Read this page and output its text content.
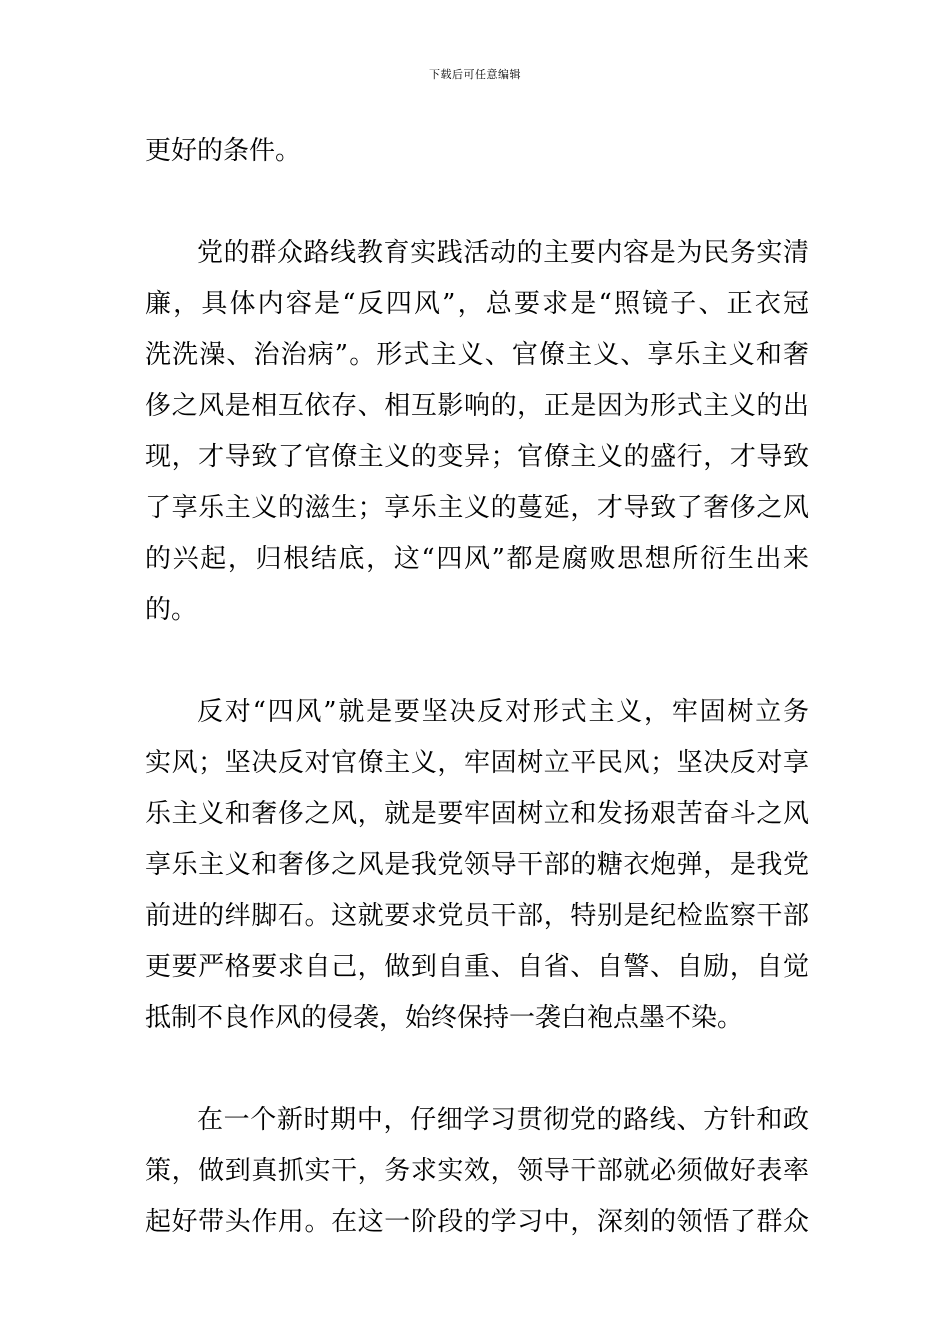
下载后可任意编辑
更好的条件。
党的群众路线教育实践活动的主要内容是为民务实清
廉，具体内容是“反四风”，总要求是“照镜子、正衣冠
洗洗澡、治治病”。形式主义、官僚主义、享乐主义和奢
侈之风是相互依存、相互影响的，正是因为形式主义的出
现，才导致了官僚主义的变异；官僚主义的盛行，才导致
了享乐主义的滋生；享乐主义的蔓延，才导致了奢侈之风
的兴起，归根结底，这“四风”都是腐败思想所衍生出来
的。
反对“四风”就是要坚决反对形式主义，牢固树立务
实风；坚决反对官僚主义，牢固树立平民风；坚决反对享
乐主义和奢侈之风，就是要牢固树立和发扬艰苦奋斗之风
享乐主义和奢侈之风是我党领导干部的糖衣炮弹，是我党
前进的绊脚石。这就要求党员干部，特别是纪检监察干部
更要严格要求自己，做到自重、自省、自警、自励，自觉
抵制不良作风的侵袭，始终保持一袭白袍点墨不染。
在一个新时期中，仔细学习贯彻党的路线、方针和政
策，做到真抓实干，务求实效，领导干部就必须做好表率
起好带头作用。在这一阶段的学习中，深刻的领悟了群众
